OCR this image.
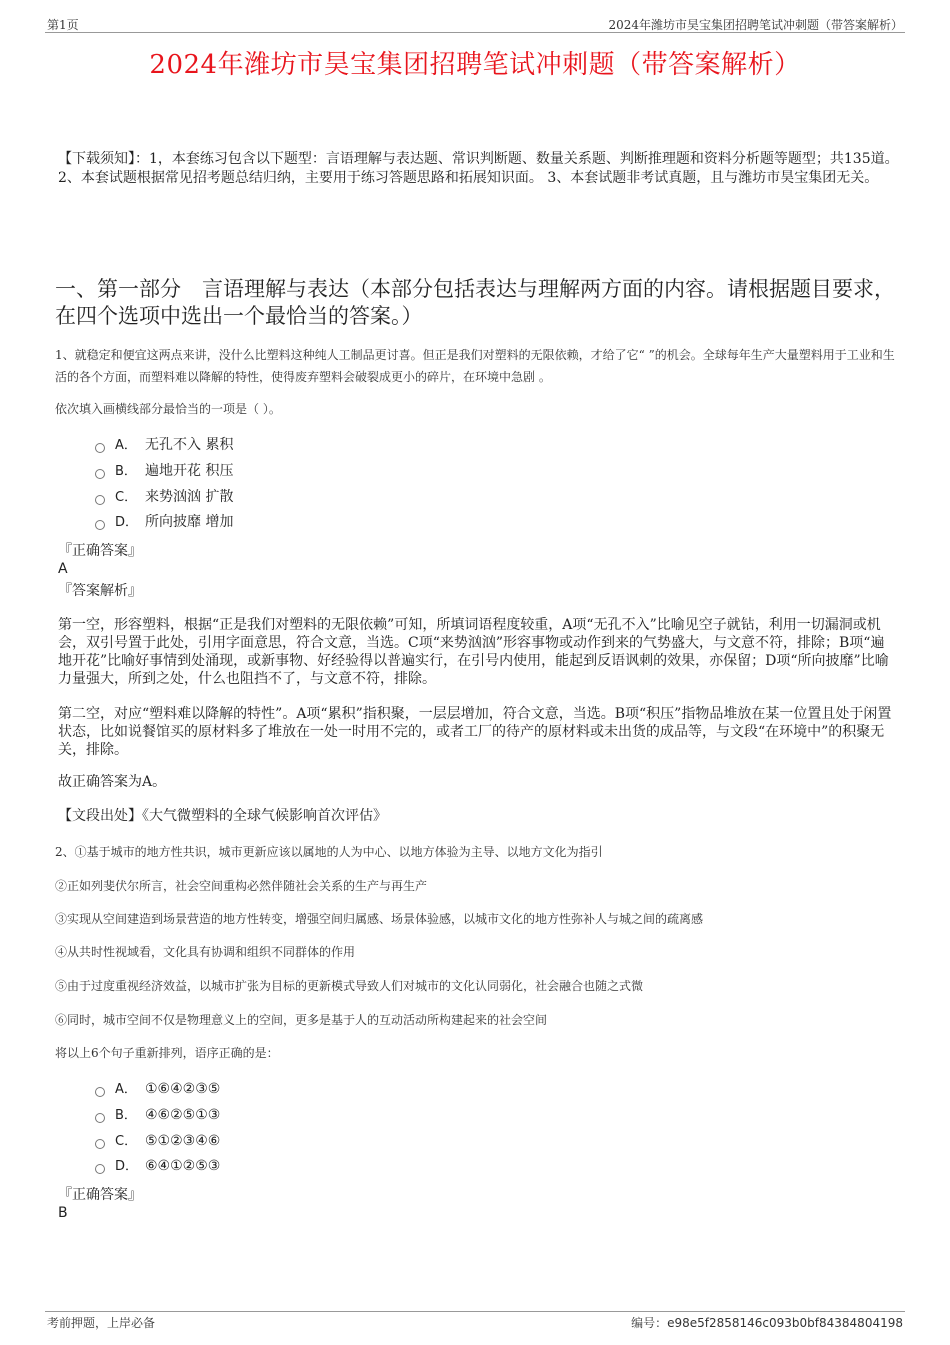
第1页	2024年潍坊市昊宝集团招聘笔试冲刺题（带答案解析）
2024年潍坊市昊宝集团招聘笔试冲刺题（带答案解析）
【下载须知】：1，本套练习包含以下题型：言语理解与表达题、常识判断题、数量关系题、判断推理题和资料分析题等题型；共135道。 2、本套试题根据常见招考题总结归纳，主要用于练习答题思路和拓展知识面。 3、本套试题非考试真题，且与潍坊市昊宝集团无关。
一、第一部分　言语理解与表达（本部分包括表达与理解两方面的内容。请根据题目要求，在四个选项中选出一个最恰当的答案。）
1、就稳定和便宜这两点来讲，没什么比塑料这种纯人工制品更讨喜。但正是我们对塑料的无限依赖，才给了它“ ”的机会。全球每年生产大量塑料用于工业和生活的各个方面，而塑料难以降解的特性，使得废弃塑料会破裂成更小的碎片，在环境中急剧 。
依次填入画横线部分最恰当的一项是（ ）。
A． 无孔不入 累积
B． 遍地开花 积压
C． 来势汹汹 扩散
D． 所向披靡 增加
『正确答案』
A
『答案解析』
第一空，形容塑料，根据“正是我们对塑料的无限依赖”可知，所填词语程度较重，A项“无孔不入”比喻见空子就钻，利用一切漏洞或机会，双引号置于此处，引用字面意思，符合文意，当选。C项“来势汹汹”形容事物或动作到来的气势盛大，与文意不符，排除；B项“遍地开花”比喻好事情到处涌现，或新事物、好经验得以普遍实行，在引号内使用，能起到反语讽刺的效果，亦保留；D项“所向披靡”比喻力量强大，所到之处，什么也阻挡不了，与文意不符，排除。
第二空，对应“塑料难以降解的特性”。A项“累积”指积聚，一层层增加，符合文意，当选。B项“积压”指物品堆放在某一位置且处于闲置状态，比如说餐馆买的原材料多了堆放在一处一时用不完的，或者工厂的待产的原材料或未出货的成品等，与文段“在环境中”的积聚无关，排除。
故正确答案为A。
【文段出处】《大气微塑料的全球气候影响首次评估》
2、①基于城市的地方性共识，城市更新应该以属地的人为中心、以地方体验为主导、以地方文化为指引
②正如列斐伏尔所言，社会空间重构必然伴随社会关系的生产与再生产
③实现从空间建造到场景营造的地方性转变，增强空间归属感、场景体验感，以城市文化的地方性弥补人与城之间的疏离感
④从共时性视域看，文化具有协调和组织不同群体的作用
⑤由于过度重视经济效益，以城市扩张为目标的更新模式导致人们对城市的文化认同弱化，社会融合也随之式微
⑥同时，城市空间不仅是物理意义上的空间，更多是基于人的互动活动所构建起来的社会空间
将以上6个句子重新排列，语序正确的是：
A． ①⑥④②③⑤
B． ④⑥②⑤①③
C． ⑤①②③④⑥
D． ⑥④①②⑤③
『正确答案』
B
考前押题，上岸必备	编号：e98e5f2858146c093b0bf84384804198
